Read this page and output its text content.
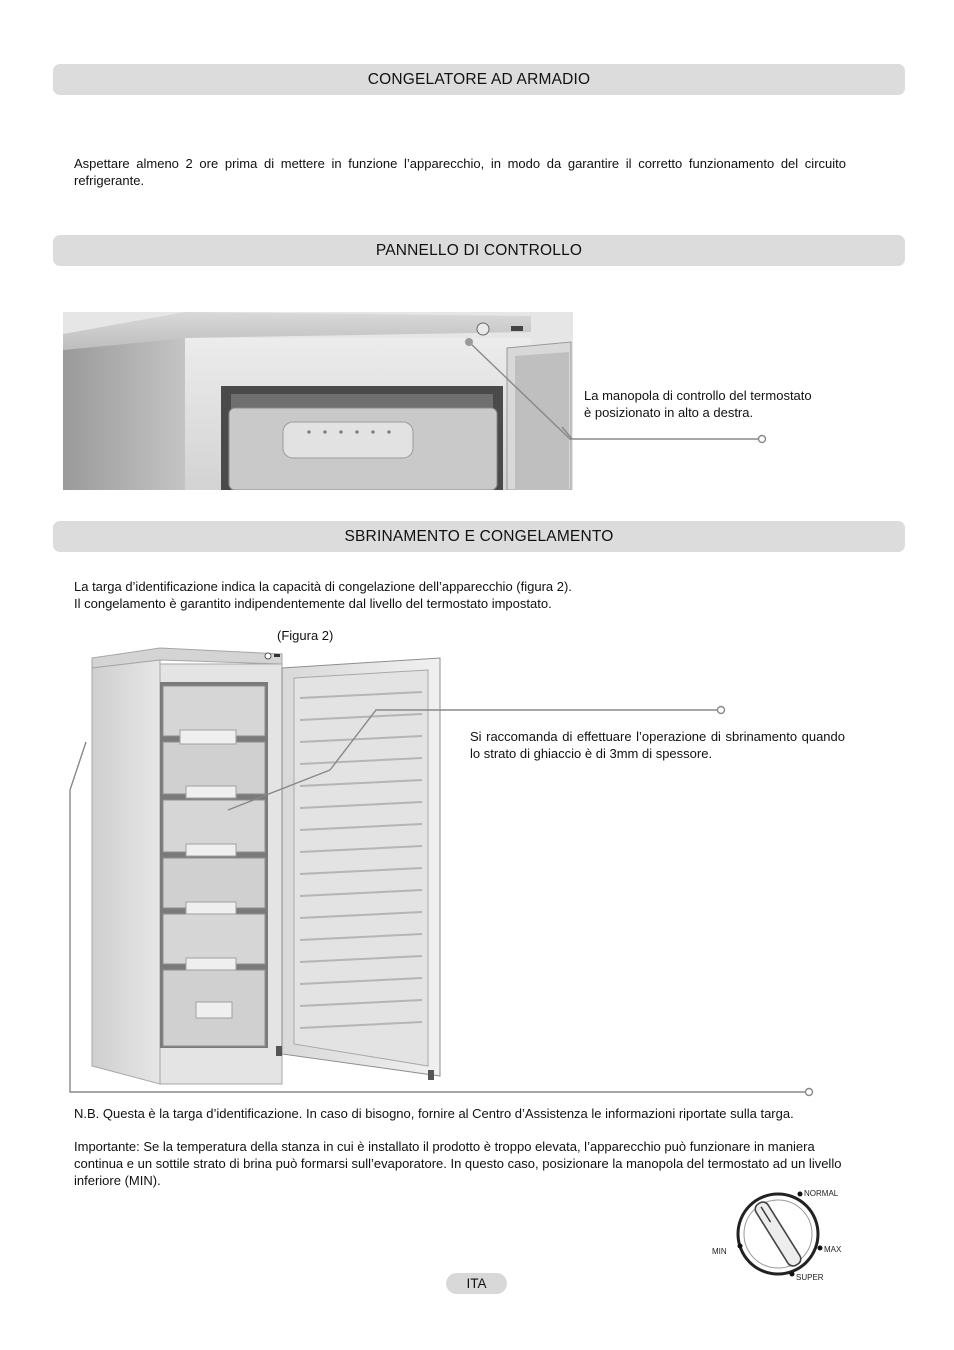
CONGELATORE AD ARMADIO

Aspettare almeno 2 ore prima di mettere in funzione l’apparecchio, in modo da garantire il corretto funzionamento del circuito refrigerante.

PANNELLO DI CONTROLLO
La manopola di controllo del termostato
è posizionato in alto a destra.
SBRINAMENTO E CONGELAMENTO
La targa d’identificazione indica la capacità di congelazione dell’apparecchio (figura 2).
Il congelamento è garantito indipendentemente dal livello del termostato impostato.
(Figura 2)

Si raccomanda di effettuare l’operazione di sbrinamento quando lo strato di ghiaccio è di 3mm di spessore.

N.B. Questa è la targa d’identificazione. In caso di bisogno, fornire al Centro d’Assistenza le informazioni riportate sulla targa.

Importante: Se la temperatura della stanza in cui è installato il prodotto è troppo elevata, l’apparecchio può funzionare in maniera continua e un sottile strato di brina può formarsi sull’evaporatore. In questo caso, posizionare la manopola del termostato ad un livello inferiore (MIN).

MIN
NORMAL
MAX
SUPER
ITA
